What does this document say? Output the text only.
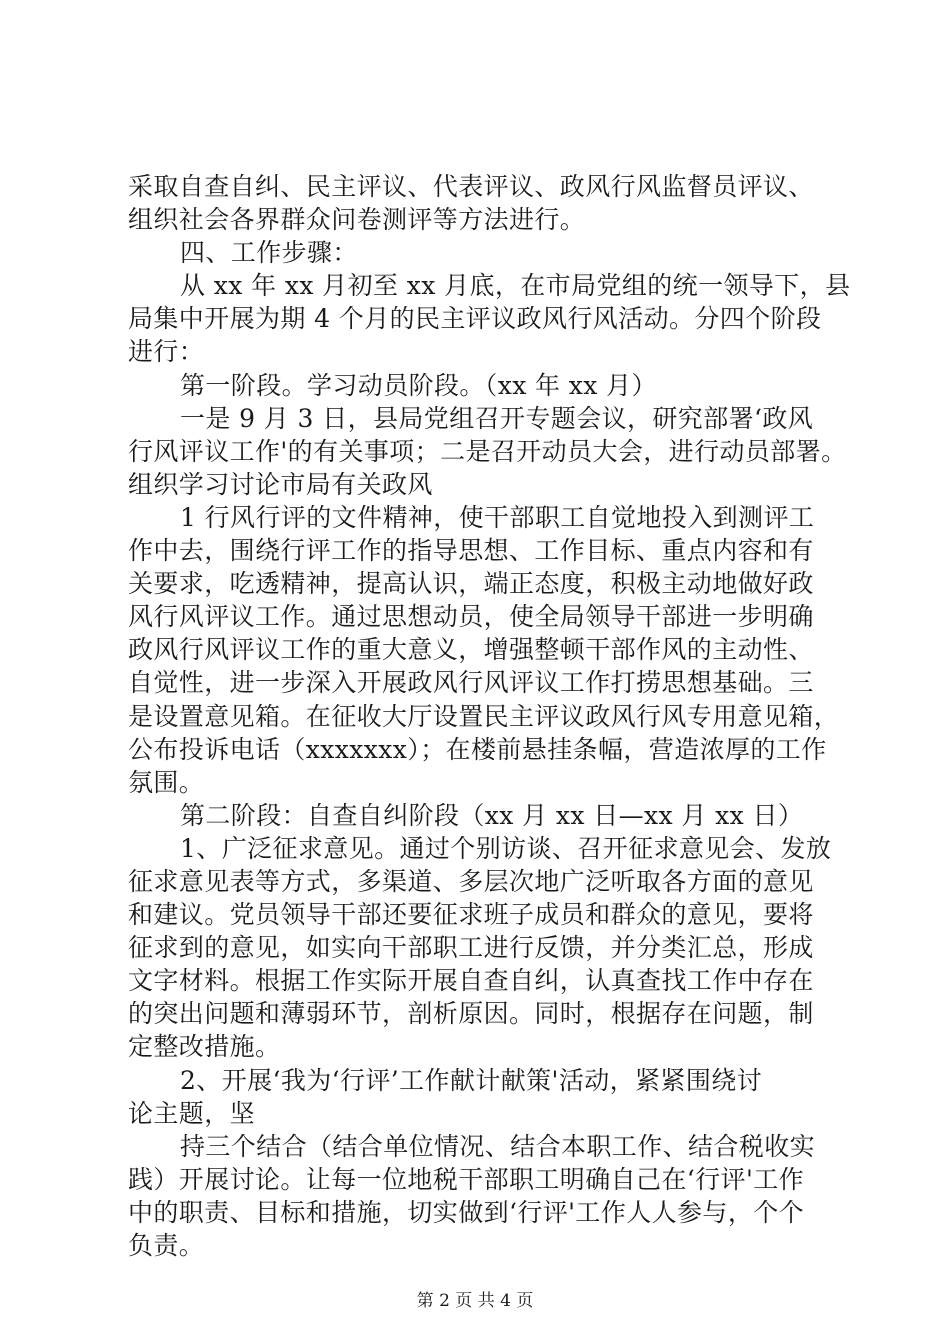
采取自查自纠、民主评议、代表评议、政风行风监督员评议、
组织社会各界群众问卷测评等方法进行。
四、工作步骤：
从 xx 年 xx 月初至 xx 月底，在市局党组的统一领导下，县
局集中开展为期 4 个月的民主评议政风行风活动。分四个阶段
进行：
第一阶段。学习动员阶段。（xx 年 xx 月）
一是 9 月 3 日，县局党组召开专题会议，研究部署‘政风
行风评议工作'的有关事项；二是召开动员大会，进行动员部署。
组织学习讨论市局有关政风
1 行风行评的文件精神，使干部职工自觉地投入到测评工
作中去，围绕行评工作的指导思想、工作目标、重点内容和有
关要求，吃透精神，提高认识，端正态度，积极主动地做好政
风行风评议工作。通过思想动员，使全局领导干部进一步明确
政风行风评议工作的重大意义，增强整顿干部作风的主动性、
自觉性，进一步深入开展政风行风评议工作打捞思想基础。三
是设置意见箱。在征收大厅设置民主评议政风行风专用意见箱，
公布投诉电话（xxxxxxx）；在楼前悬挂条幅，营造浓厚的工作
氛围。
第二阶段：自查自纠阶段（xx 月 xx 日—xx 月 xx 日）
1、广泛征求意见。通过个别访谈、召开征求意见会、发放
征求意见表等方式，多渠道、多层次地广泛听取各方面的意见
和建议。党员领导干部还要征求班子成员和群众的意见，要将
征求到的意见，如实向干部职工进行反馈，并分类汇总，形成
文字材料。根据工作实际开展自查自纠，认真查找工作中存在
的突出问题和薄弱环节，剖析原因。同时，根据存在问题，制
定整改措施。
2、开展‘我为‘行评’工作献计献策'活动，紧紧围绕讨
论主题，坚
持三个结合（结合单位情况、结合本职工作、结合税收实
践）开展讨论。让每一位地税干部职工明确自己在‘行评'工作
中的职责、目标和措施，切实做到‘行评'工作人人参与，个个
负责。
第 2 页 共 4 页
